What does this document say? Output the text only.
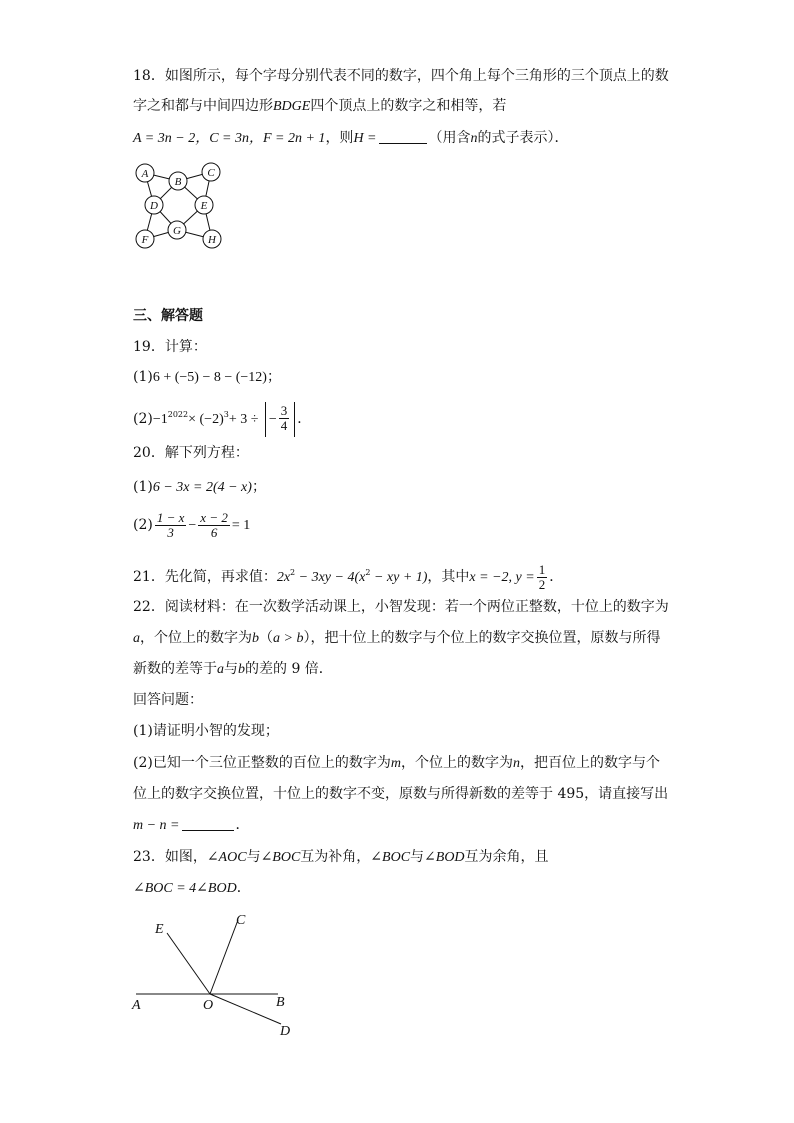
18．如图所示，每个字母分别代表不同的数字，四个角上每个三角形的三个顶点上的数
字之和都与中间四边形BDGE四个顶点上的数字之和相等，若
A = 3n − 2，C = 3n，F = 2n + 1，则H =	（用含n的式子表示）．
A
B
C
D	E
F
G
H
三、解答题
19．计算：
(1)6 + (−5) − 8 − (−12)；
$(2)-1^{2022}\times (-2)^3+ 3$ ÷ − $\frac{3}{4}$ ．
20．解下列方程：
(1)6 − 3x = 2(4 − x)；
$(2) \frac{1 - x}{3} - \frac{x - 2}{6} = 1$
21．先化简，再求值：$2x^2 - 3xy - 4(x^2$ − xy + 1)，其中x = −2, $y = \frac{1}{2}$ ．
22．阅读材料：在一次数学活动课上，小智发现：若一个两位正整数，十位上的数字为
a，个位上的数字为b（a > b），把十位上的数字与个位上的数字交换位置，原数与所得
新数的差等于a与b的差的 9 倍．
回答问题：
(1)请证明小智的发现；
(2)已知一个三位正整数的百位上的数字为m，个位上的数字为n，把百位上的数字与个
位上的数字交换位置，十位上的数字不变，原数与所得新数的差等于 495，请直接写出
m − n =	．
23．如图，∠AOC与∠BOC互为补角，∠BOC与∠BOD互为余角，且
∠BOC = 4∠BOD．
E
C
A	O	B
D
